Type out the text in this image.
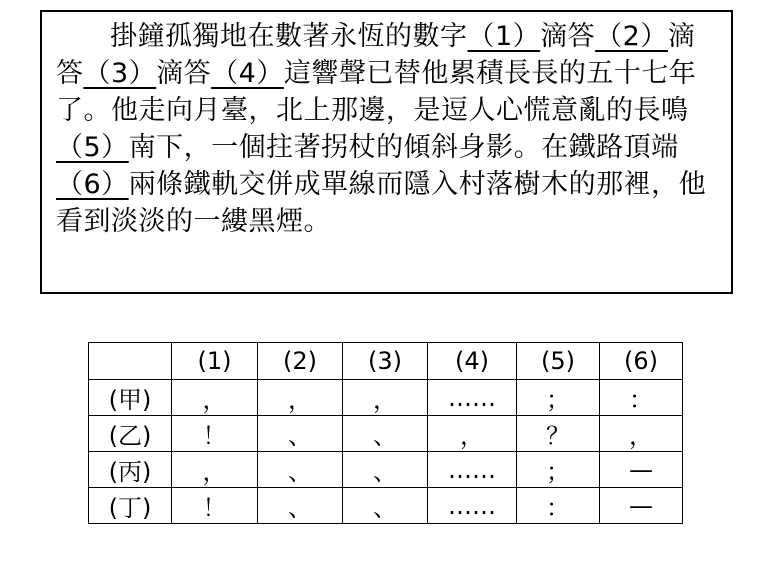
掛鐘孤獨地在數著永恆的數字（1）滴答（2）滴答（3）滴答（4）這響聲已替他累積長長的五十七年了。他走向月臺，北上那邊，是逗人心慌意亂的長鳴（5）南下，一個拄著拐杖的傾斜身影。在鐵路頂端（6）兩條鐵軌交併成單線而隱入村落樹木的那裡，他看到淡淡的一縷黑煙。

	(1)	(2)	(3)	(4)	(5)	(6)
(甲)	，	，	，	……	；	：
(乙)	！	、	、	，	？	，
(丙)	，	、	、	……	；	—
(丁)	！	、	、	……	：	—
